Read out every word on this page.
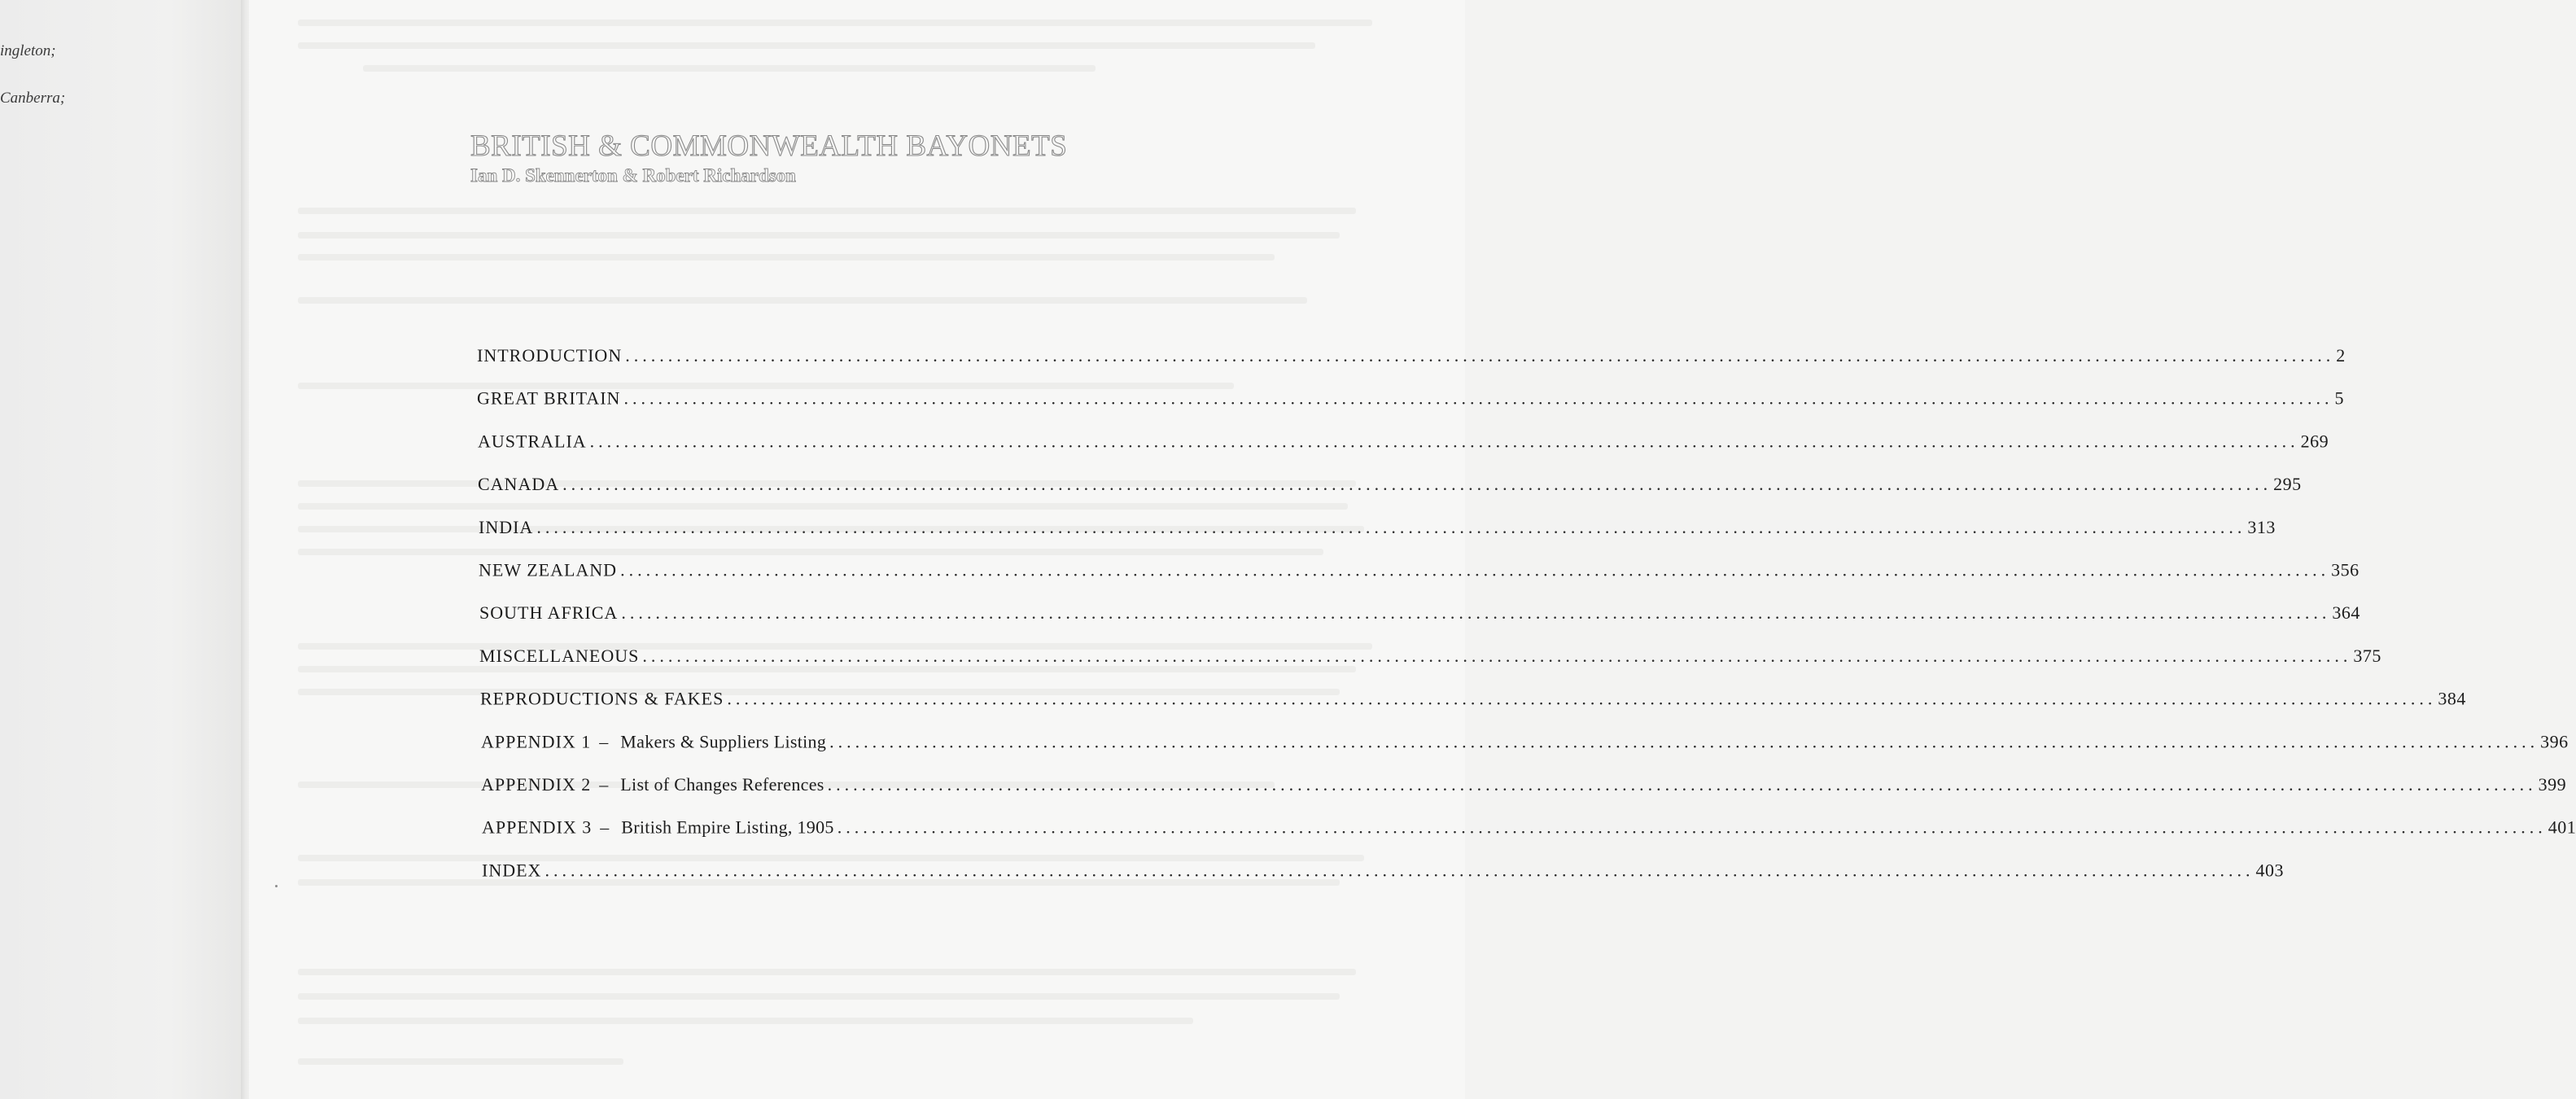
ingleton;
Canberra;
BRITISH & COMMONWEALTH BAYONETS
Ian D. Skennerton & Robert Richardson
INTRODUCTION ........................................................................................................................................................................................................ 2
GREAT BRITAIN ........................................................................................................................................................................................................ 5
AUSTRALIA ........................................................................................................................................................................................................ 269
CANADA ........................................................................................................................................................................................................ 295
INDIA ........................................................................................................................................................................................................ 313
NEW ZEALAND ........................................................................................................................................................................................................ 356
SOUTH AFRICA ........................................................................................................................................................................................................ 364
MISCELLANEOUS ........................................................................................................................................................................................................ 375
REPRODUCTIONS & FAKES ........................................................................................................................................................................................................ 384
APPENDIX 1 – Makers & Suppliers Listing ........................................................................................................................................................................................................ 396
APPENDIX 2 – List of Changes References ........................................................................................................................................................................................................ 399
APPENDIX 3 – British Empire Listing, 1905 ........................................................................................................................................................................................................ 401
INDEX ........................................................................................................................................................................................................ 403
